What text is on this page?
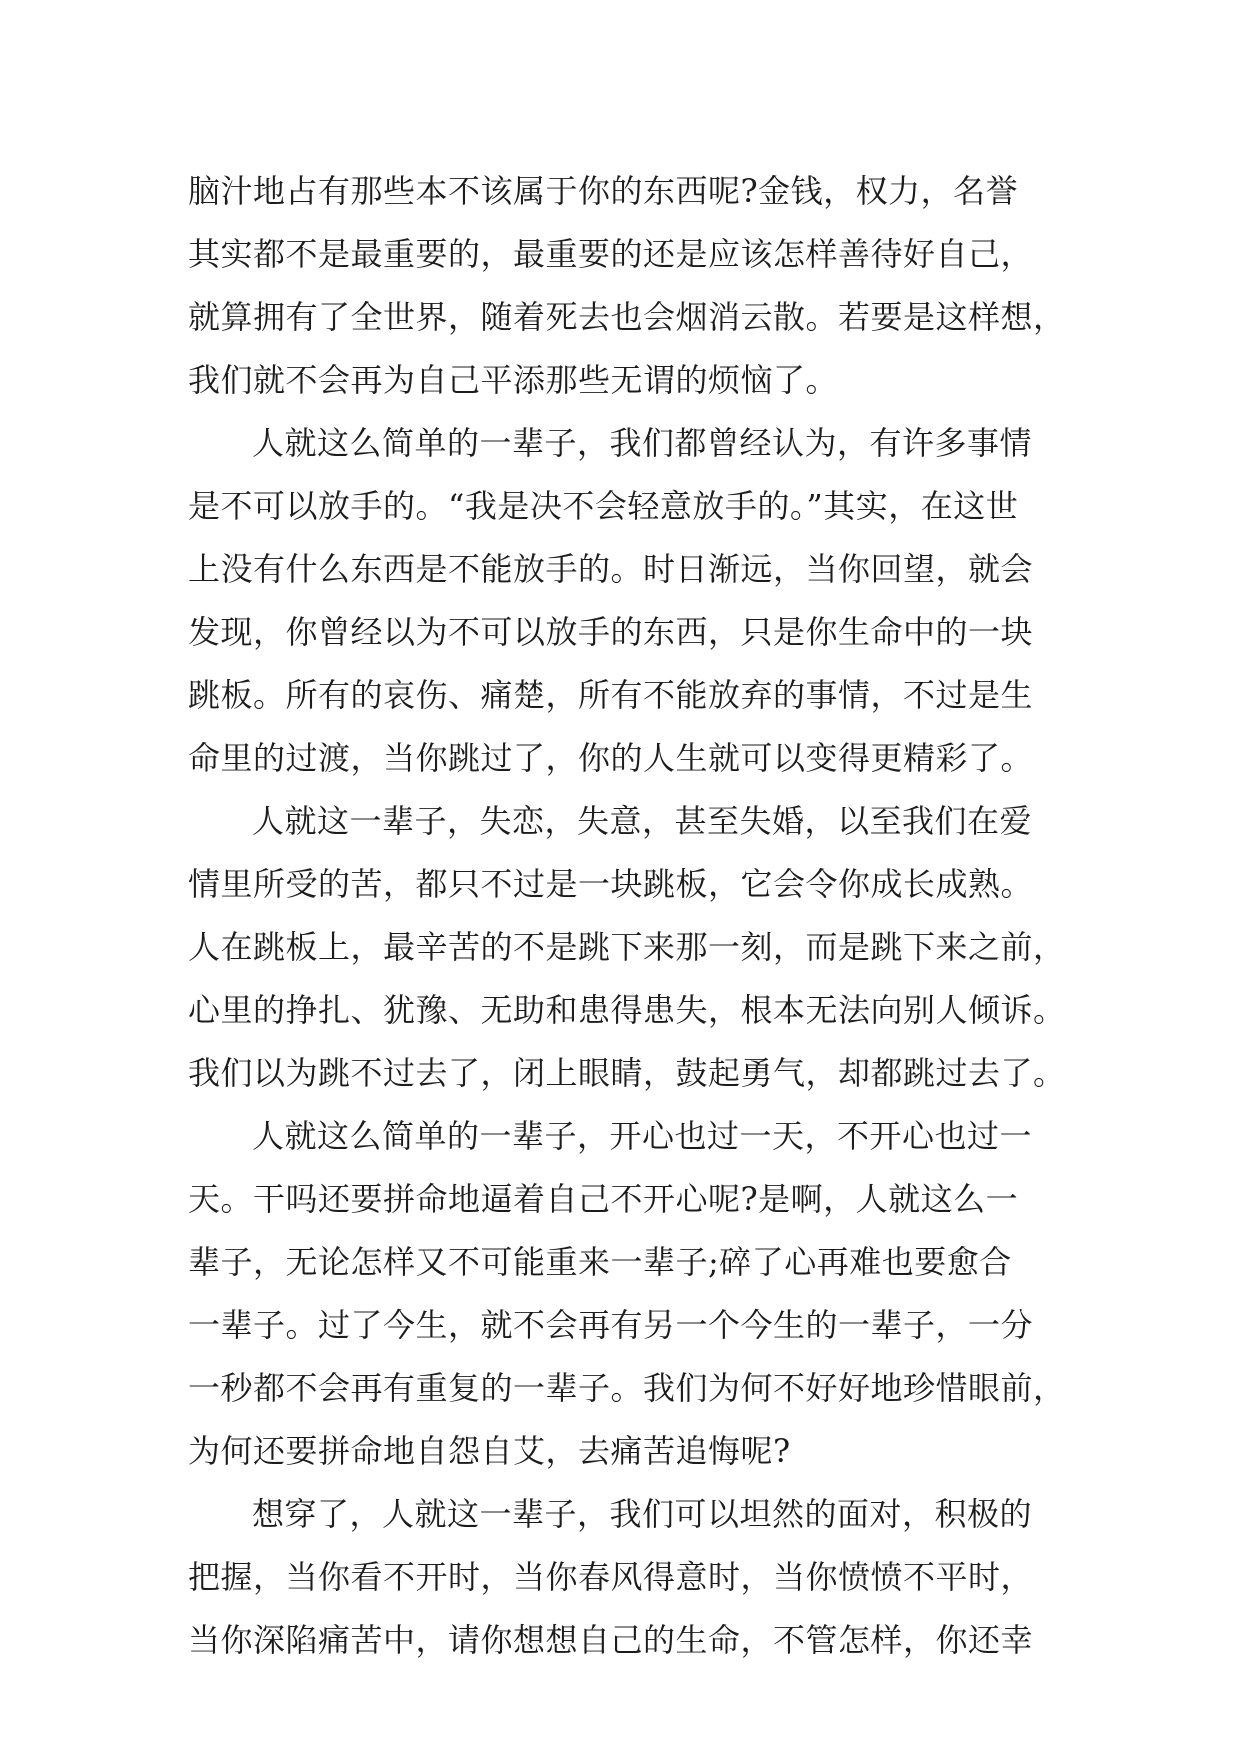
脑汁地占有那些本不该属于你的东西呢?金钱，权力，名誉
其实都不是最重要的，最重要的还是应该怎样善待好自己，
就算拥有了全世界，随着死去也会烟消云散。若要是这样想，
我们就不会再为自己平添那些无谓的烦恼了。
人就这么简单的一辈子，我们都曾经认为，有许多事情
是不可以放手的。“我是决不会轻意放手的。”其实，在这世
上没有什么东西是不能放手的。时日渐远，当你回望，就会
发现，你曾经以为不可以放手的东西，只是你生命中的一块
跳板。所有的哀伤、痛楚，所有不能放弃的事情，不过是生
命里的过渡，当你跳过了，你的人生就可以变得更精彩了。
人就这一辈子，失恋，失意，甚至失婚，以至我们在爱
情里所受的苦，都只不过是一块跳板，它会令你成长成熟。
人在跳板上，最辛苦的不是跳下来那一刻，而是跳下来之前，
心里的挣扎、犹豫、无助和患得患失，根本无法向别人倾诉。
我们以为跳不过去了，闭上眼睛，鼓起勇气，却都跳过去了。
人就这么简单的一辈子，开心也过一天，不开心也过一
天。干吗还要拼命地逼着自己不开心呢?是啊，人就这么一
辈子，无论怎样又不可能重来一辈子;碎了心再难也要愈合
一辈子。过了今生，就不会再有另一个今生的一辈子，一分
一秒都不会再有重复的一辈子。我们为何不好好地珍惜眼前，
为何还要拼命地自怨自艾，去痛苦追悔呢?
想穿了，人就这一辈子，我们可以坦然的面对，积极的
把握，当你看不开时，当你春风得意时，当你愤愤不平时，
当你深陷痛苦中，请你想想自己的生命，不管怎样，你还幸
